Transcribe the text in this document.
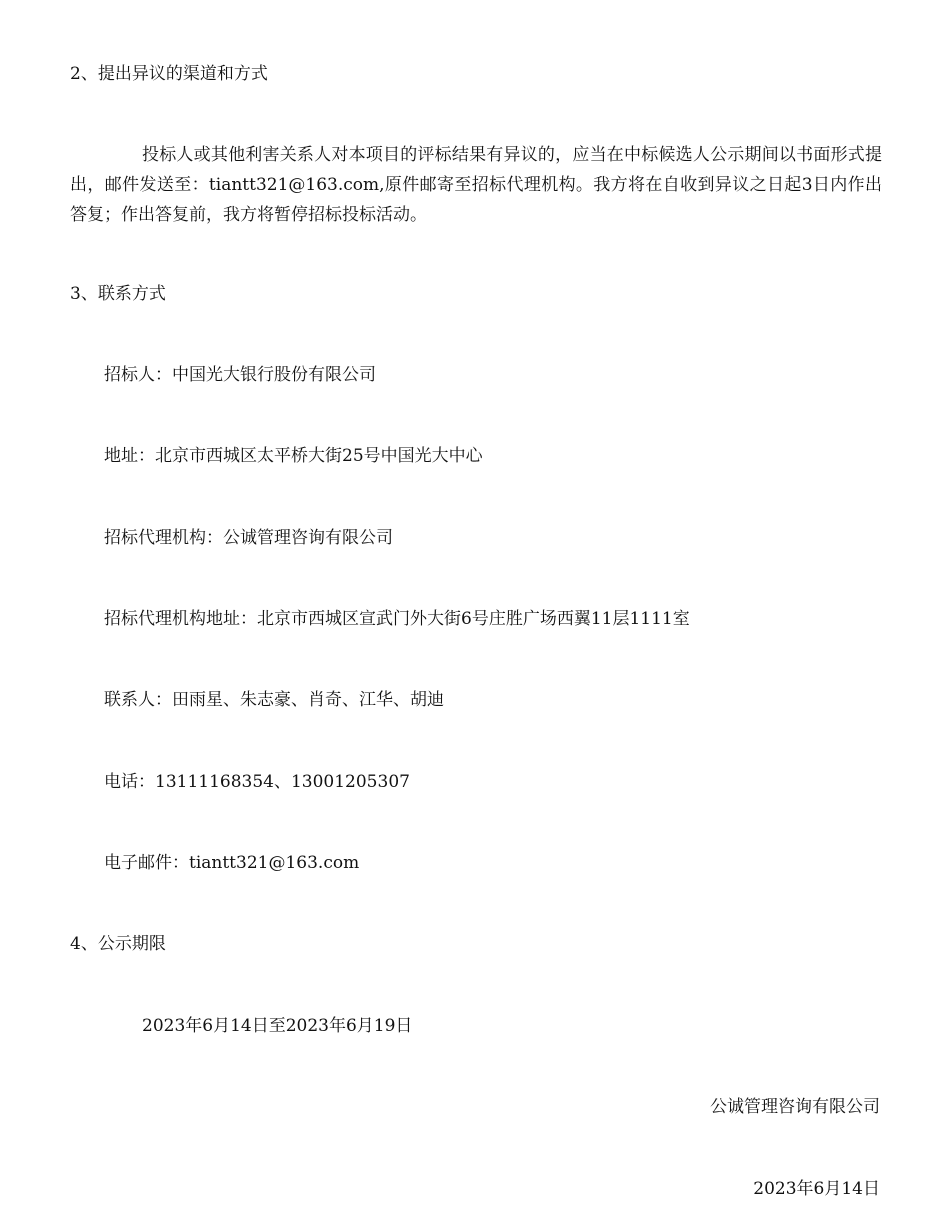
2、提出异议的渠道和方式
投标人或其他利害关系人对本项目的评标结果有异议的，应当在中标候选人公示期间以书面形式提出，邮件发送至：tiantt321@163.com,原件邮寄至招标代理机构。我方将在自收到异议之日起3日内作出答复；作出答复前，我方将暂停招标投标活动。
3、联系方式
招标人：中国光大银行股份有限公司
地址：北京市西城区太平桥大街25号中国光大中心
招标代理机构：公诚管理咨询有限公司
招标代理机构地址：北京市西城区宣武门外大街6号庄胜广场西翼11层1111室
联系人：田雨星、朱志豪、肖奇、江华、胡迪
电话：13111168354、13001205307
电子邮件：tiantt321@163.com
4、公示期限
2023年6月14日至2023年6月19日
公诚管理咨询有限公司
2023年6月14日
